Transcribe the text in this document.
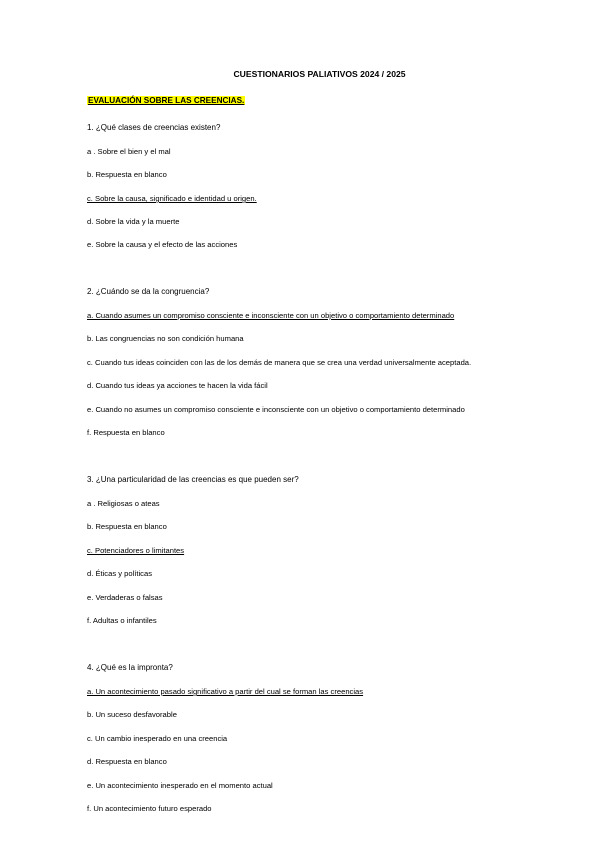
CUESTIONARIOS PALIATIVOS 2024 / 2025
EVALUACIÓN SOBRE LAS CREENCIAS.
1. ¿Qué clases de creencias existen?
a . Sobre el bien y el mal
b. Respuesta en blanco
c. Sobre la causa, significado e identidad u origen.
d. Sobre la vida y la muerte
e. Sobre la causa y el efecto de las acciones
2. ¿Cuándo se da la congruencia?
a. Cuando asumes un compromiso consciente e inconsciente con un objetivo o comportamiento determinado
b. Las congruencias no son condición humana
c. Cuando tus ideas coinciden con las de los demás de manera que se crea una verdad universalmente aceptada.
d. Cuando tus ideas ya acciones te hacen la vida fácil
e. Cuando no asumes un compromiso consciente e inconsciente con un objetivo o comportamiento determinado
f. Respuesta en blanco
3. ¿Una particularidad de las creencias es que pueden ser?
a . Religiosas o ateas
b. Respuesta en blanco
c. Potenciadores o limitantes
d. Éticas y políticas
e. Verdaderas o falsas
f. Adultas o infantiles
4. ¿Qué es la impronta?
a. Un acontecimiento pasado significativo a partir del cual se forman las creencias
b. Un suceso desfavorable
c. Un cambio inesperado en una creencia
d. Respuesta en blanco
e. Un acontecimiento inesperado en el momento actual
f. Un acontecimiento futuro esperado
